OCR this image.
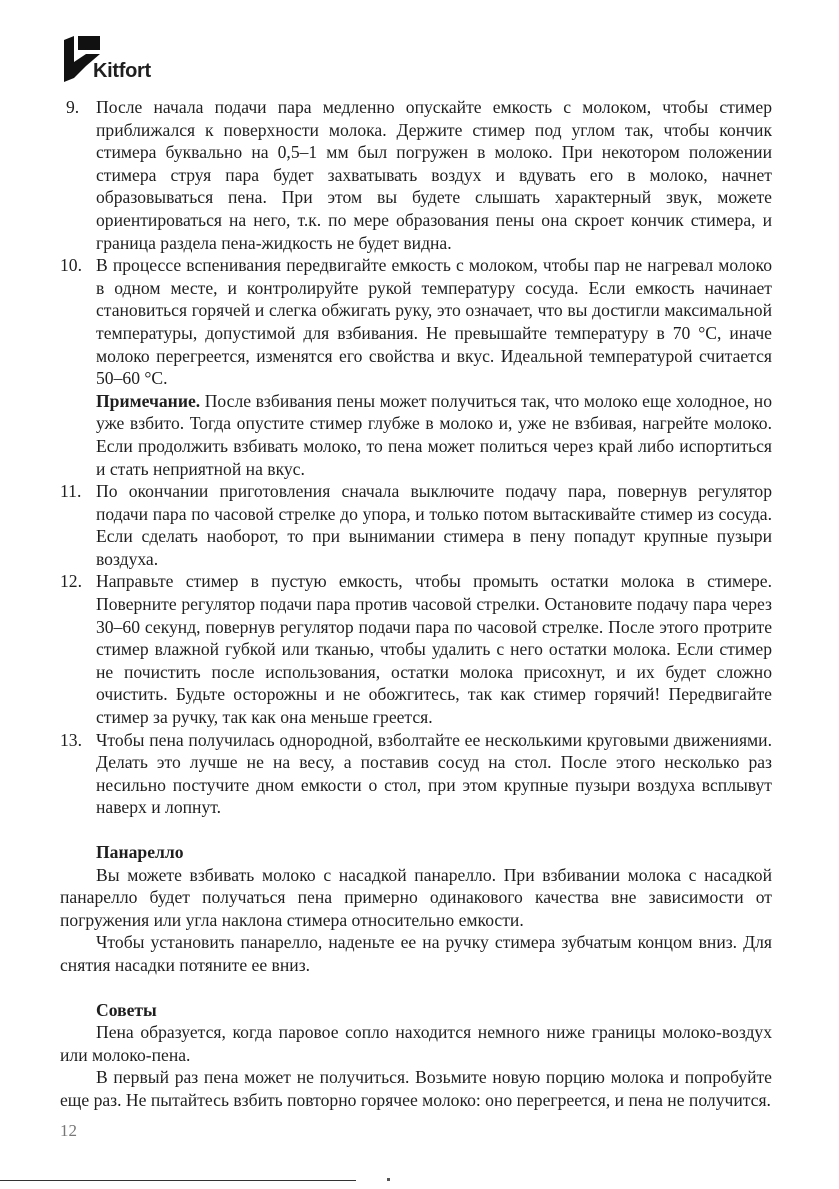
Kitfort
9. После начала подачи пара медленно опускайте емкость с молоком, чтобы стимер приближался к поверхности молока. Держите стимер под углом так, чтобы кончик стимера буквально на 0,5–1 мм был погружен в молоко. При некотором положении стимера струя пара будет захватывать воздух и вдувать его в молоко, начнет образовываться пена. При этом вы будете слышать характерный звук, можете ориентироваться на него, т.к. по мере образования пены она скроет кончик стимера, и граница раздела пена-жидкость не будет видна.
10. В процессе вспенивания передвигайте емкость с молоком, чтобы пар не нагревал молоко в одном месте, и контролируйте рукой температуру сосуда. Если емкость начинает становиться горячей и слегка обжигать руку, это означает, что вы достигли максимальной температуры, допустимой для взбивания. Не превышайте температуру в 70 °С, иначе молоко перегреется, изменятся его свойства и вкус. Идеальной температурой считается 50–60 °С.
Примечание. После взбивания пены может получиться так, что молоко еще холодное, но уже взбито. Тогда опустите стимер глубже в молоко и, уже не взбивая, нагрейте молоко. Если продолжить взбивать молоко, то пена может политься через край либо испортиться и стать неприятной на вкус.
11. По окончании приготовления сначала выключите подачу пара, повернув регулятор подачи пара по часовой стрелке до упора, и только потом вытаскивайте стимер из сосуда. Если сделать наоборот, то при вынимании стимера в пену попадут крупные пузыри воздуха.
12. Направьте стимер в пустую емкость, чтобы промыть остатки молока в стимере. Поверните регулятор подачи пара против часовой стрелки. Остановите подачу пара через 30–60 секунд, повернув регулятор подачи пара по часовой стрелке. После этого протрите стимер влажной губкой или тканью, чтобы удалить с него остатки молока. Если стимер не почистить после использования, остатки молока присохнут, и их будет сложно очистить. Будьте осторожны и не обожгитесь, так как стимер горячий! Передвигайте стимер за ручку, так как она меньше греется.
13. Чтобы пена получилась однородной, взболтайте ее несколькими круговыми движениями. Делать это лучше не на весу, а поставив сосуд на стол. После этого несколько раз несильно постучите дном емкости о стол, при этом крупные пузыри воздуха всплывут наверх и лопнут.
Панарелло
Вы можете взбивать молоко с насадкой панарелло. При взбивании молока с насадкой панарелло будет получаться пена примерно одинакового качества вне зависимости от погружения или угла наклона стимера относительно емкости.
Чтобы установить панарелло, наденьте ее на ручку стимера зубчатым концом вниз. Для снятия насадки потяните ее вниз.
Советы
Пена образуется, когда паровое сопло находится немного ниже границы молоко-воздух или молоко-пена.
В первый раз пена может не получиться. Возьмите новую порцию молока и попробуйте еще раз. Не пытайтесь взбить повторно горячее молоко: оно перегреется, и пена не получится.
12
